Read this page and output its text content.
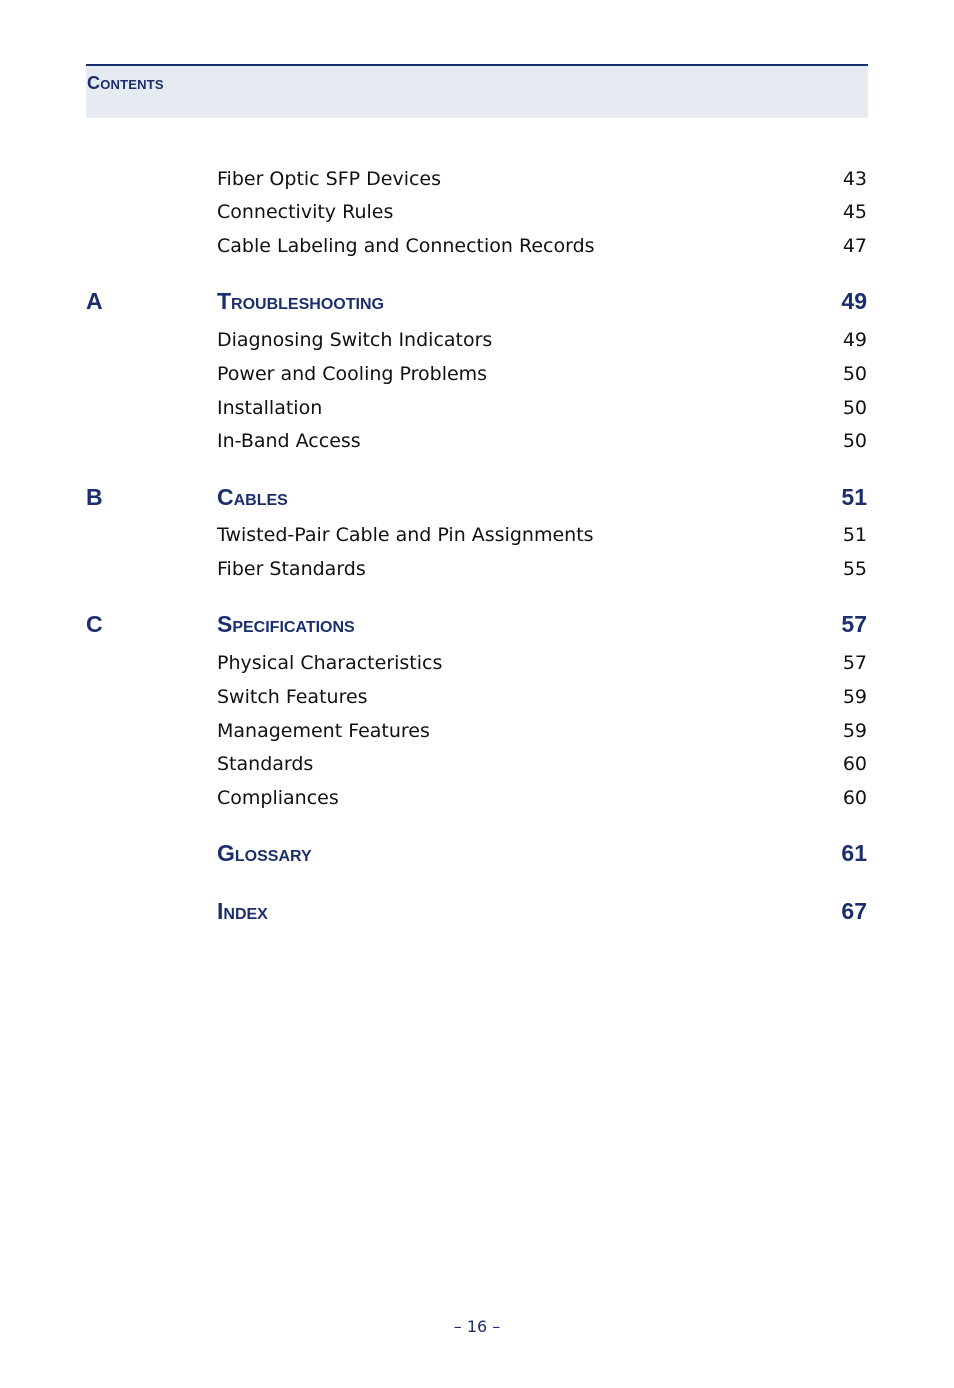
Contents
Fiber Optic SFP Devices	43
Connectivity Rules	45
Cable Labeling and Connection Records	47
A	Troubleshooting	49
Diagnosing Switch Indicators	49
Power and Cooling Problems	50
Installation	50
In-Band Access	50
B	Cables	51
Twisted-Pair Cable and Pin Assignments	51
Fiber Standards	55
C	Specifications	57
Physical Characteristics	57
Switch Features	59
Management Features	59
Standards	60
Compliances	60
Glossary	61
Index	67
– 16 –
